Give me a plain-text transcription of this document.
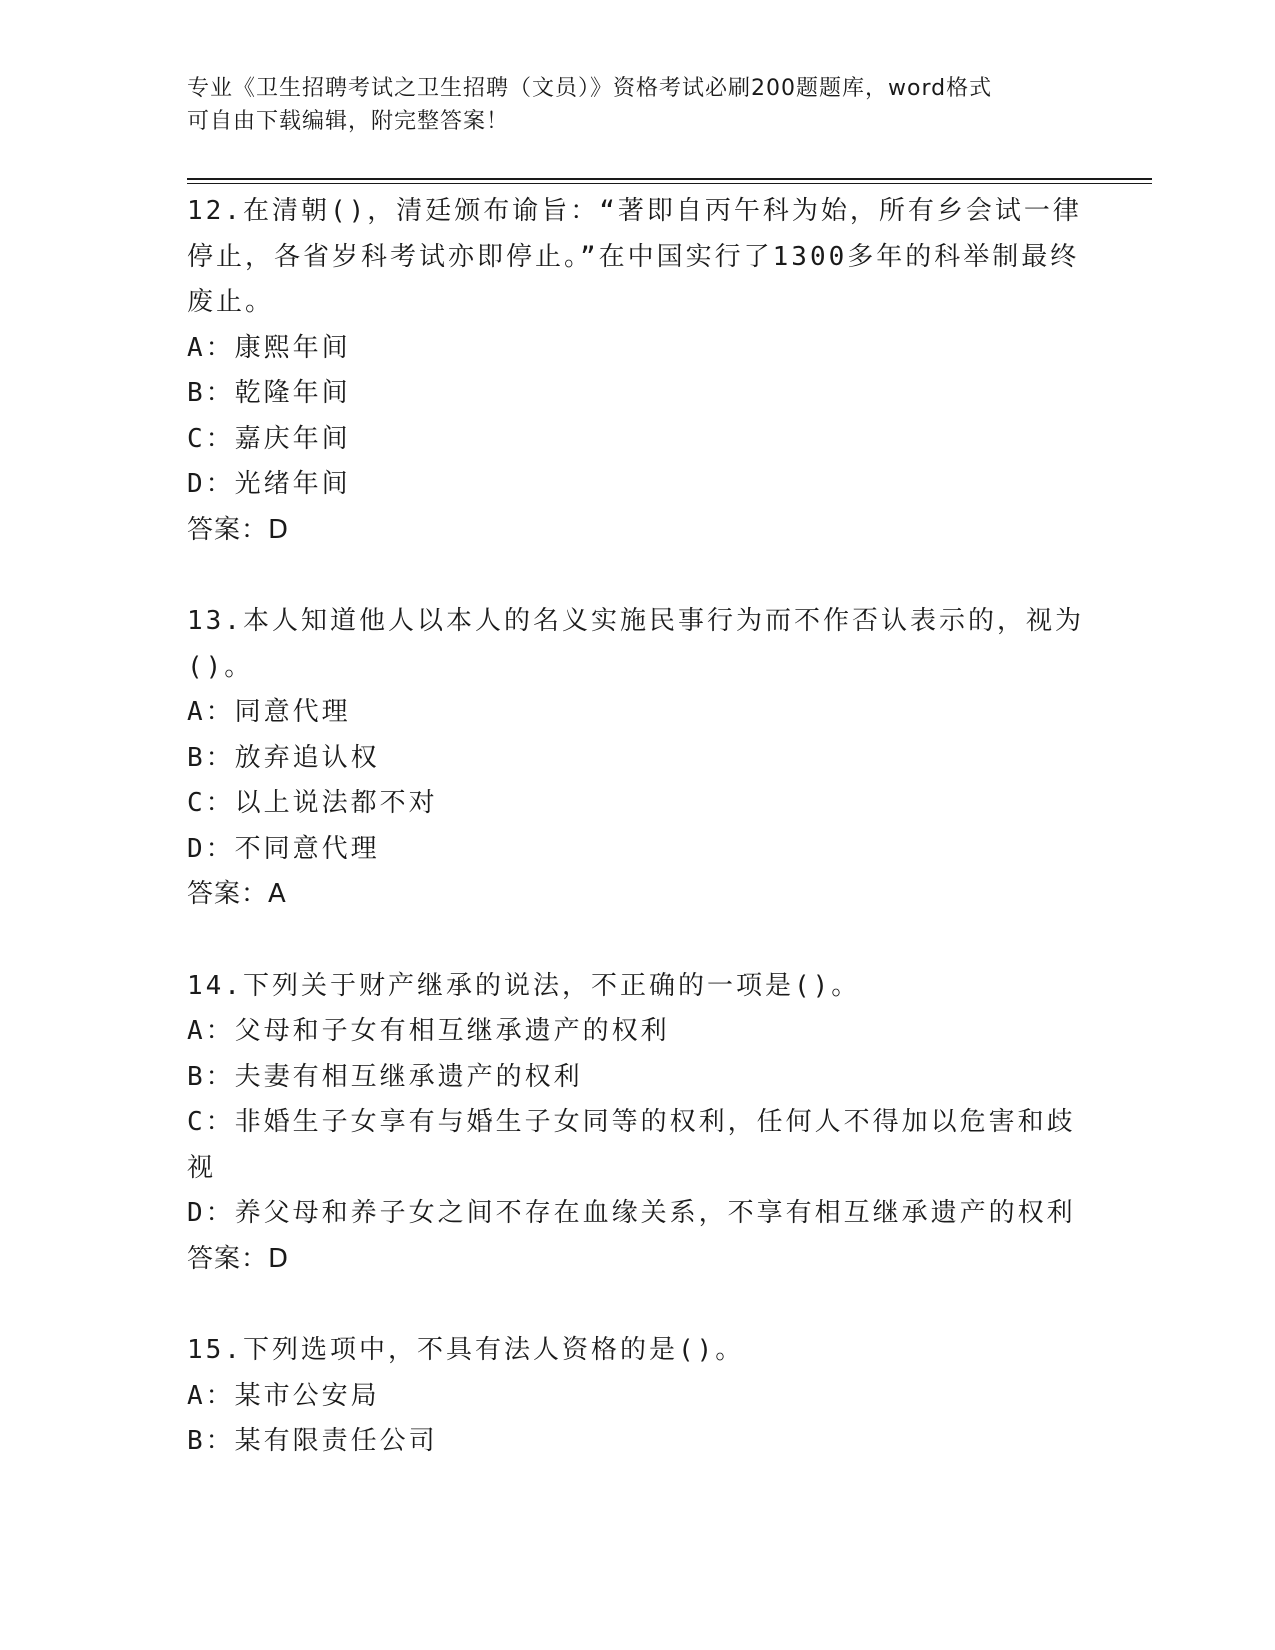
专业《卫生招聘考试之卫生招聘（文员）》资格考试必刷200题题库，word格式
可自由下载编辑，附完整答案！
12.在清朝()，清廷颁布谕旨：“著即自丙午科为始，所有乡会试一律停止，各省岁科考试亦即停止。”在中国实行了1300多年的科举制最终废止。
A：康熙年间
B：乾隆年间
C：嘉庆年间
D：光绪年间
答案：D
13.本人知道他人以本人的名义实施民事行为而不作否认表示的，视为()。
A：同意代理
B：放弃追认权
C：以上说法都不对
D：不同意代理
答案：A
14.下列关于财产继承的说法，不正确的一项是()。
A：父母和子女有相互继承遗产的权利
B：夫妻有相互继承遗产的权利
C：非婚生子女享有与婚生子女同等的权利，任何人不得加以危害和歧视
D：养父母和养子女之间不存在血缘关系，不享有相互继承遗产的权利
答案：D
15.下列选项中，不具有法人资格的是()。
A：某市公安局
B：某有限责任公司
